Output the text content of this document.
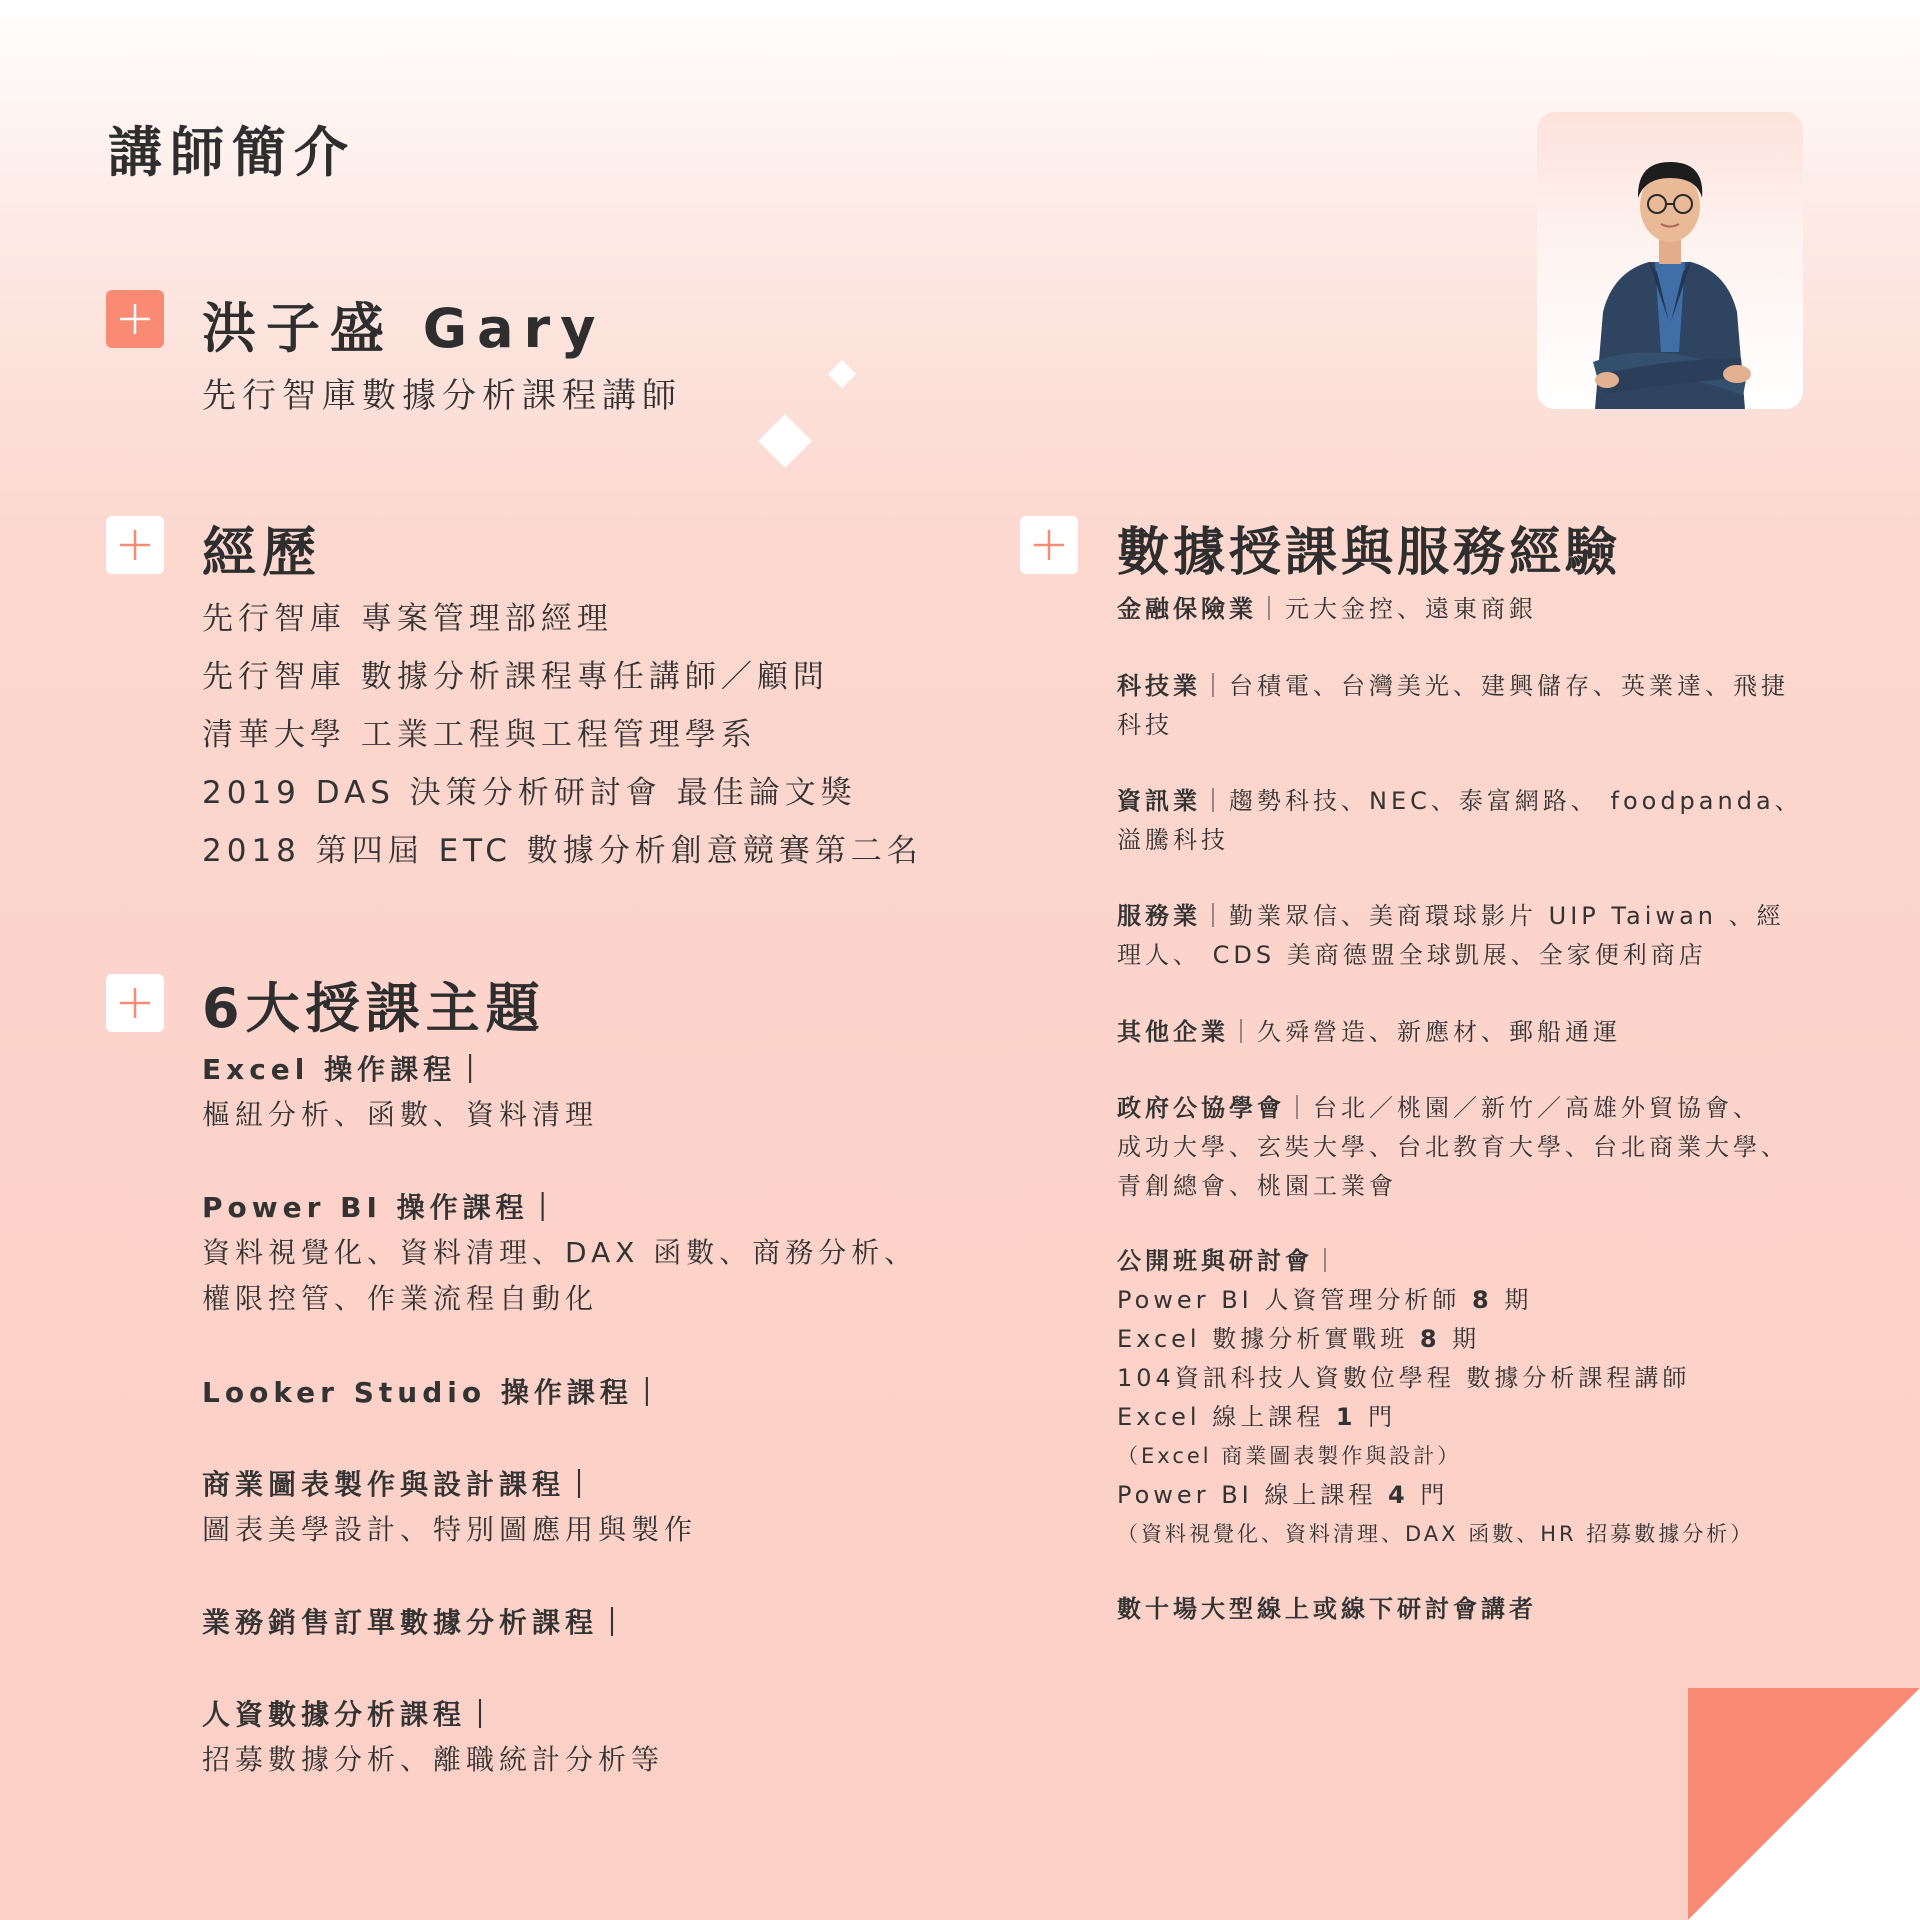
講師簡介
洪子盛 Gary
先行智庫數據分析課程講師
經歷
先行智庫 專案管理部經理
先行智庫 數據分析課程專任講師／顧問
清華大學 工業工程與工程管理學系
2019 DAS 決策分析研討會 最佳論文獎
2018 第四屆 ETC 數據分析創意競賽第二名
6大授課主題
Excel 操作課程｜
樞紐分析、函數、資料清理
Power BI 操作課程｜
資料視覺化、資料清理、DAX 函數、商務分析、
權限控管、作業流程自動化
Looker Studio 操作課程｜
商業圖表製作與設計課程｜
圖表美學設計、特別圖應用與製作
業務銷售訂單數據分析課程｜
人資數據分析課程｜
招募數據分析、離職統計分析等
數據授課與服務經驗
金融保險業｜元大金控、遠東商銀
科技業｜台積電、台灣美光、建興儲存、英業達、飛捷
科技
資訊業｜趨勢科技、NEC、泰富網路、 foodpanda、
溢騰科技
服務業｜勤業眾信、美商環球影片 UIP Taiwan 、經
理人、 CDS 美商德盟全球凱展、全家便利商店
其他企業｜久舜營造、新應材、郵船通運
政府公協學會｜台北／桃園／新竹／高雄外貿協會、
成功大學、玄奘大學、台北教育大學、台北商業大學、
青創總會、桃園工業會
公開班與研討會｜
Power BI 人資管理分析師 8 期
Excel 數據分析實戰班 8 期
104資訊科技人資數位學程 數據分析課程講師
Excel 線上課程 1 門
（Excel 商業圖表製作與設計）
Power BI 線上課程 4 門
（資料視覺化、資料清理、DAX 函數、HR 招募數據分析）
數十場大型線上或線下研討會講者
